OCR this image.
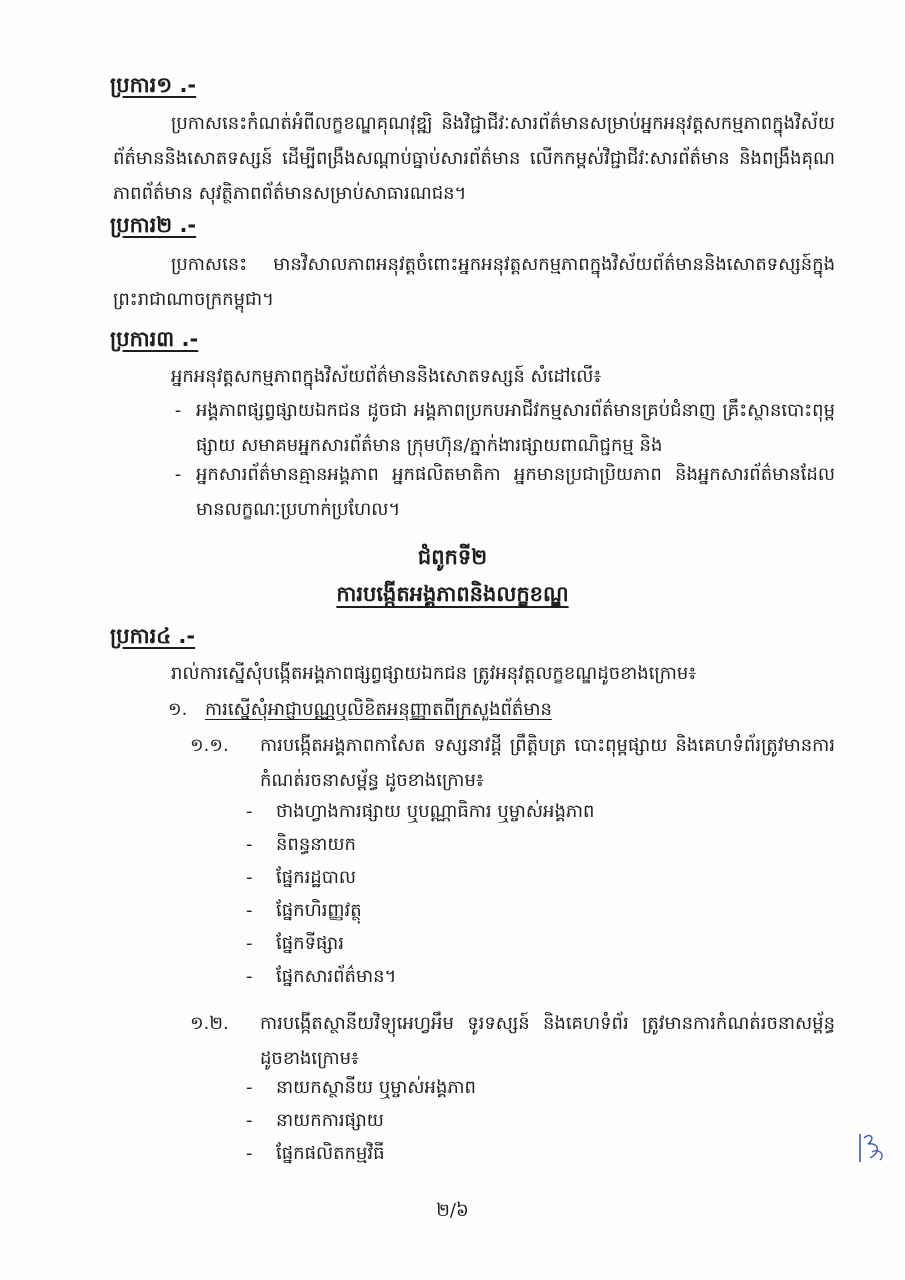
ប្រការ១ .-
ប្រកាសនេះកំណត់អំពីលក្ខខណ្ឌគុណវុឌ្ឍិ និងវិជ្ជាជីវៈសារព័ត៌មានសម្រាប់អ្នកអនុវត្តសកម្មភាពក្នុងវិស័យព័ត៌មាននិងសោតទស្សន៍ ដើម្បីពង្រឹងសណ្តាប់ធ្នាប់សារព័ត៌មាន លើកកម្ពស់វិជ្ជាជីវៈសារព័ត៌មាន និងពង្រឹងគុណភាពព័ត៌មាន សុវត្ថិភាពព័ត៌មានសម្រាប់សាធារណជន។
ប្រការ២ .-
ប្រកាសនេះ មានវិសាលភាពអនុវត្តចំពោះអ្នកអនុវត្តសកម្មភាពក្នុងវិស័យព័ត៌មាននិងសោតទស្សន៍ក្នុងព្រះរាជាណាចក្រកម្ពុជា។
ប្រការ៣ .-
អ្នកអនុវត្តសកម្មភាពក្នុងវិស័យព័ត៌មាននិងសោតទស្សន៍ សំដៅលើ៖
- អង្គភាពផ្សព្វផ្សាយឯកជន ដូចជា អង្គភាពប្រកបអាជីវកម្មសារព័ត៌មានគ្រប់ជំនាញ គ្រឹះស្ថានបោះពុម្ពផ្សាយ សមាគមអ្នកសារព័ត៌មាន ក្រុមហ៊ុន/ភ្នាក់ងារផ្សាយពាណិជ្ជកម្ម និង
- អ្នកសារព័ត៌មានគ្មានអង្គភាព អ្នកផលិតមាតិកា អ្នកមានប្រជាប្រិយភាព និងអ្នកសារព័ត៌មានដែលមានលក្ខណៈប្រហាក់ប្រហែល។
ជំពូកទី២
ការបង្កើតអង្គភាពនិងលក្ខខណ្ឌ
ប្រការ៤ .-
រាល់ការស្នើសុំបង្កើតអង្គភាពផ្សព្វផ្សាយឯកជន ត្រូវអនុវត្តលក្ខខណ្ឌដូចខាងក្រោម៖
១. ការស្នើសុំអាជ្ញាបណ្ណឬលិខិតអនុញ្ញាតពីក្រសួងព័ត៌មាន
១.១. ការបង្កើតអង្គភាពកាសែត ទស្សនាវដ្តី ព្រឹត្តិបត្រ បោះពុម្ពផ្សាយ និងគេហទំព័រត្រូវមានការកំណត់រចនាសម្ព័ន្ធ ដូចខាងក្រោម៖
- ថាងហ្វាងការផ្សាយ ឬបណ្ណាធិការ ឬម្ចាស់អង្គភាព
- និពន្ធនាយក
- ផ្នែករដ្ឋបាល
- ផ្នែកហិរញ្ញវត្ថុ
- ផ្នែកទីផ្សារ
- ផ្នែកសារព័ត៌មាន។
១.២. ការបង្កើតស្ថានីយវិទ្យុអេហ្វអឹម ទូរទស្សន៍ និងគេហទំព័រ ត្រូវមានការកំណត់រចនាសម្ព័ន្ធ ដូចខាងក្រោម៖
- នាយកស្ថានីយ ឬម្ចាស់អង្គភាព
- នាយកការផ្សាយ
- ផ្នែកផលិតកម្មវិធី
២/៦
